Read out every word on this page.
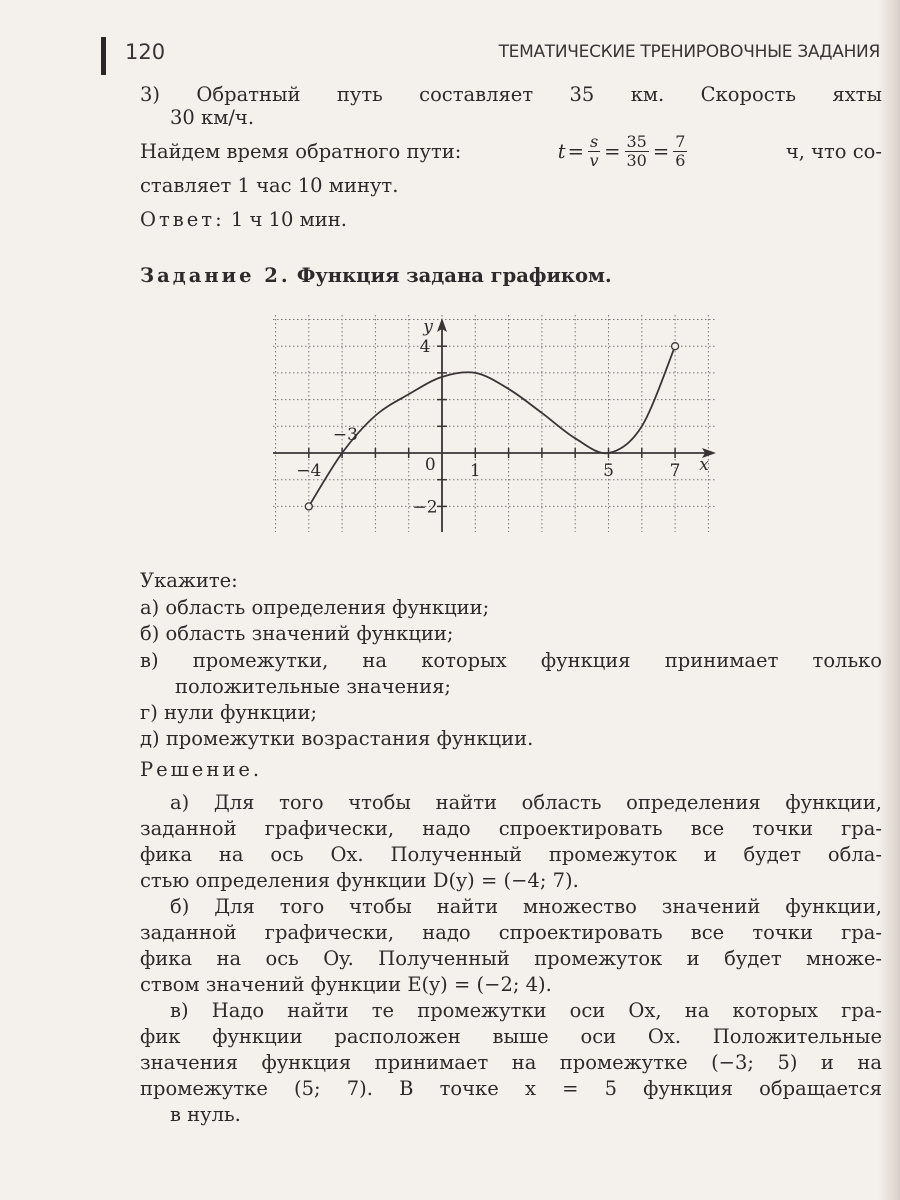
120	ТЕМАТИЧЕСКИЕ ТРЕНИРОВОЧНЫЕ ЗАДАНИЯ
3) Обратный путь составляет 35 км. Скорость яхты
30 км/ч.
Найдем время обратного пути:	$t = \frac{s}{v} = \frac{35}{30} = \frac{7}{6}$	ч, что со-
ставляет 1 час 10 минут.
Ответ: 1 ч 10 мин.
Задание 2. Функция задана графиком.
−4
−3
0 1	5	7
4
−2
x
y
Укажите:
а) область определения функции;
б) область значений функции;
в) промежутки, на которых функция принимает только
положительные значения;
г) нули функции;
д) промежутки возрастания функции.
Решение.
а) Для того чтобы найти область определения функции,
заданной графически, надо спроектировать все точки гра-
фика на ось Ox. Полученный промежуток и будет обла-
стью определения функции D(y) = (−4; 7).
б) Для того чтобы найти множество значений функции,
заданной графически, надо спроектировать все точки гра-
фика на ось Oy. Полученный промежуток и будет множе-
ством значений функции E(y) = (−2; 4).
в) Надо найти те промежутки оси Ox, на которых гра-
фик функции расположен выше оси Ox. Положительные
значения функция принимает на промежутке (−3; 5) и на
промежутке (5; 7). В точке x = 5 функция обращается
в нуль.
